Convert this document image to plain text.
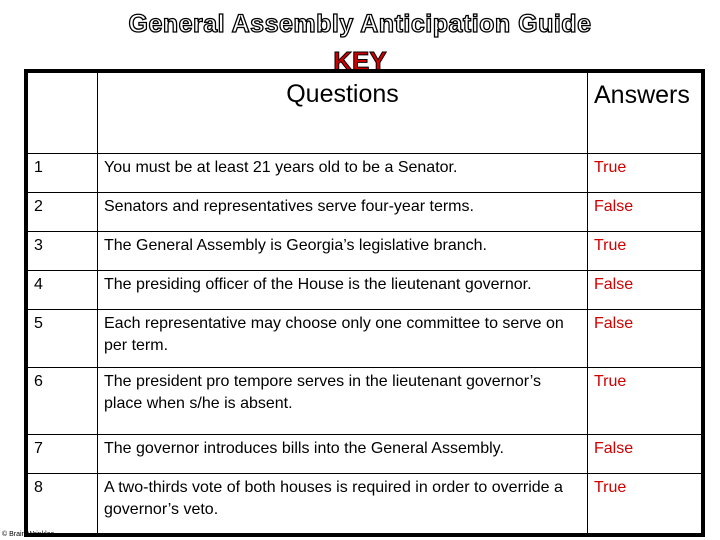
General Assembly Anticipation Guide
KEY
	Questions	Answers
1	You must be at least 21 years old to be a Senator.	True
2	Senators and representatives serve four-year terms.	False
3	The General Assembly is Georgia’s legislative branch.	True
4	The presiding officer of the House is the lieutenant governor.	False
5	Each representative may choose only one committee to serve on per term.	False
6	The president pro tempore serves in the lieutenant governor’s place when s/he is absent.	True
7	The governor introduces bills into the General Assembly.	False
8	A two-thirds vote of both houses is required in order to override a governor’s veto.	True
© Brain Wrinkles
